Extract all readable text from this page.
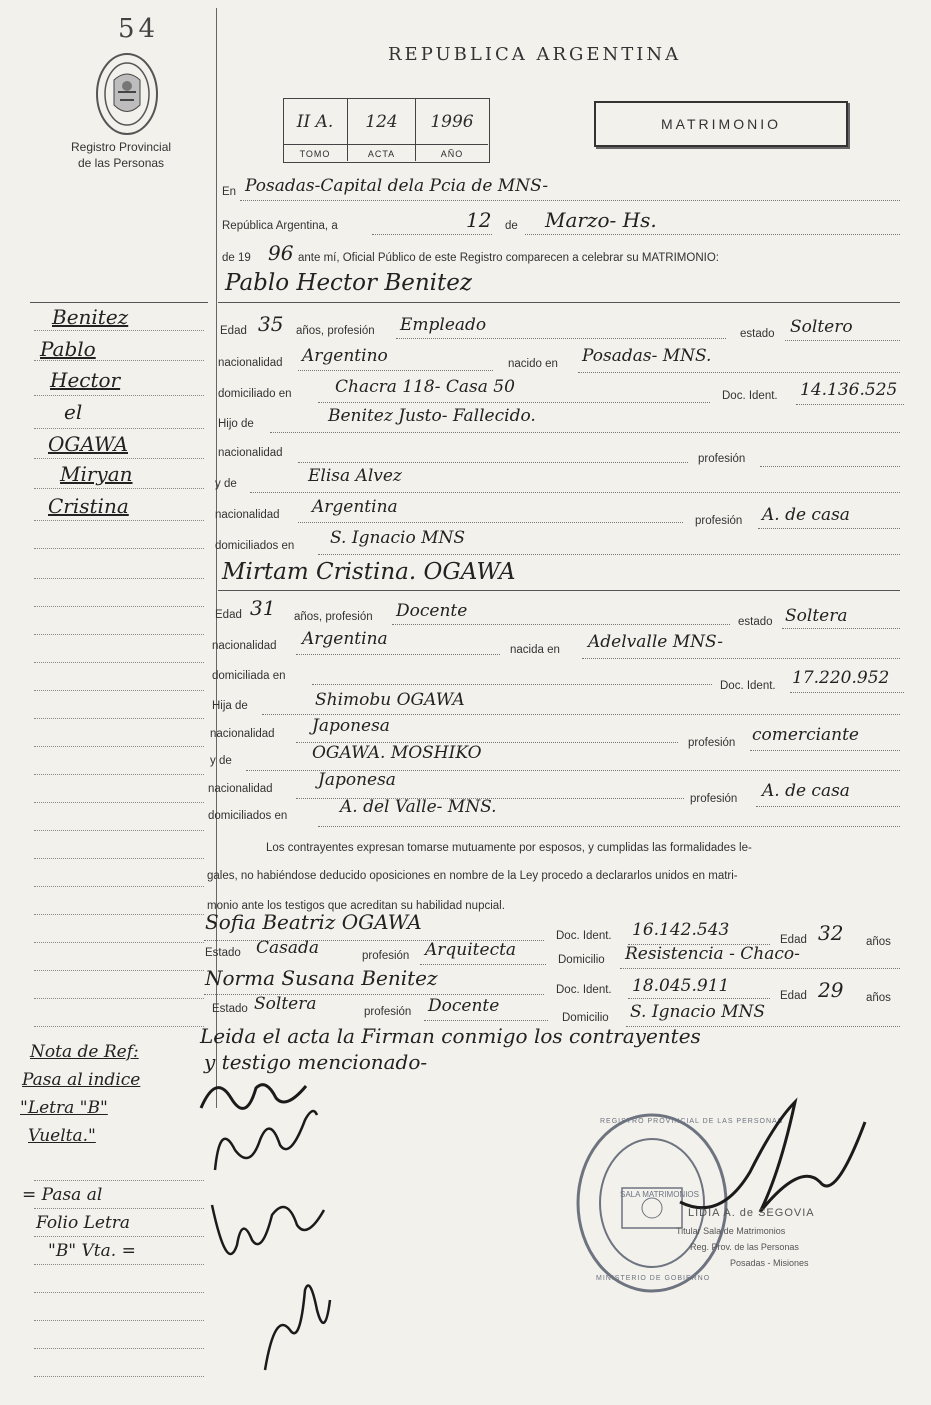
54
Registro Provincial
de las Personas
REPUBLICA ARGENTINA
II A.
TOMO
124
ACTA
1996
AÑO
MATRIMONIO
En Posadas-Capital dela Pcia de MNS-
República Argentina, a	12 de Marzo- Hs.
de 19 96 ante mí, Oficial Público de este Registro comparecen a celebrar su MATRIMONIO:
Pablo Hector Benitez
Edad 35 años, profesión Empleado	estado Soltero
nacionalidad Argentino	nacido en Posadas- MNS.
domiciliado en	Chacra 118- Casa 50	Doc. Ident. 14.136.525
Hijo de	Benitez Justo- Fallecido.
nacionalidad	profesión
y de	Elisa Alvez
nacionalidad Argentina
profesión A. de casa
domiciliados en S. Ignacio MNS
Mirtam Cristina. OGAWA
Edad 31 años, profesión Docente
estado Soltera
nacionalidad Argentina
nacida en Adelvalle MNS-
domiciliada en
Doc. Ident. 17.220.952
Hija de	Shimobu OGAWA
nacionalidad Japonesa
profesión comerciante
y de	OGAWA. MOSHIKO
nacionalidad	Japonesa
profesión A. de casa
domiciliados en	A. del Valle- MNS.
Los contrayentes expresan tomarse mutuamente por esposos, y cumplidas las formalidades le-
gales, no habiéndose deducido oposiciones en nombre de la Ley procedo a declararlos unidos en matri-
monio ante los testigos que acreditan su habilidad nupcial.
Sofia Beatriz OGAWA
Doc. Ident. 16.142.543	Edad 32 años
Estado Casada	profesión Arquitecta	Domicilio Resistencia - Chaco-
Norma Susana Benitez	Doc. Ident. 18.045.911	Edad 29 años
Estado Soltera	profesión Docente
Domicilio S. Ignacio MNS
Leida el acta la Firman conmigo los contrayentes
y testigo mencionado-
Benitez
Pablo
Hector
el
OGAWA
Miryan
Cristina
Nota de Ref:
Pasa al indice
"Letra "B"
Vuelta."
= Pasa al
Folio Letra
"B" Vta. =
REGISTRO PROVINCIAL DE LAS PERSONAS
SALA MATRIMONIOS
MINISTERIO DE GOBIERNO
LIDIA A. de SEGOVIA
Titular Sala de Matrimonios
Reg. Prov. de las Personas
Posadas - Misiones
